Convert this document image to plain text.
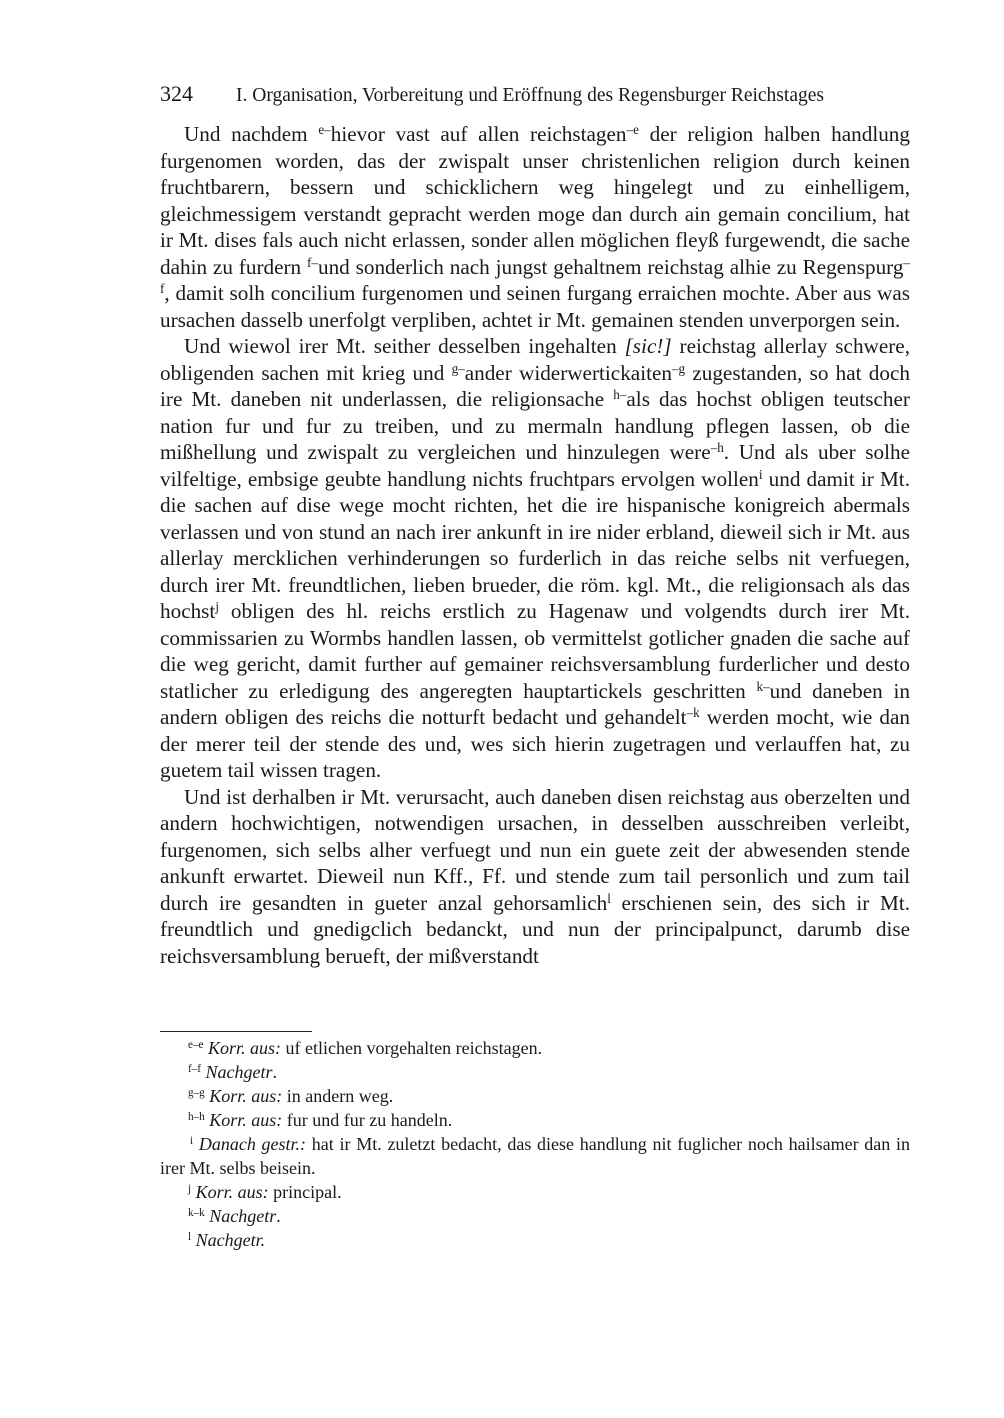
324 I. Organisation, Vorbereitung und Eröffnung des Regensburger Reichstages

Und nachdem $^{e-}$hievor vast auf allen reichstagen$^{-e}$ der religion halben handlung furgenomen worden, das der zwispalt unser christenlichen religion durch keinen fruchtbarern, bessern und schicklichern weg hingelegt und zu einhelligem, gleichmessigem verstandt gepracht werden moge dan durch ain gemain concilium, hat ir Mt. dises fals auch nicht erlassen, sonder allen möglichen fleyß furgewendt, die sache dahin zu furdern $^{f-}$und sonderlich nach jungst gehaltnem reichstag alhie zu Regenspurg$^{-f}$, damit solh concilium furgenomen und seinen furgang erraichen mochte. Aber aus was ursachen dasselb unerfolgt verpliben, achtet ir Mt. gemainen stenden unverporgen sein.

Und wiewol irer Mt. seither desselben ingehalten [sic!] reichstag allerlay schwere, obligenden sachen mit krieg und $^{g-}$ander widerwertickaiten$^{-g}$ zugestanden, so hat doch ire Mt. daneben nit underlassen, die religionsache $^{h-}$als das hochst obligen teutscher nation fur und fur zu treiben, und zu mermaln handlung pflegen lassen, ob die mißhellung und zwispalt zu vergleichen und hinzulegen were$^{-h}$. Und als uber solhe vilfeltige, embsige geubte handlung nichts fruchtpars ervolgen wollen$^i$ und damit ir Mt. die sachen auf dise wege mocht richten, het die ire hispanische konigreich abermals verlassen und von stund an nach irer ankunft in ire nider erbland, dieweil sich ir Mt. aus allerlay mercklichen verhinderungen so furderlich in das reiche selbs nit verfuegen, durch irer Mt. freundtlichen, lieben brueder, die röm. kgl. Mt., die religionsach als das hochst$^j$ obligen des hl. reichs erstlich zu Hagenaw und volgendts durch irer Mt. commissarien zu Wormbs handlen lassen, ob vermittelst gotlicher gnaden die sache auf die weg gericht, damit further auf gemainer reichsversamblung furderlicher und desto statlicher zu erledigung des angeregten hauptartickels geschritten $^{k-}$und daneben in andern obligen des reichs die notturft bedacht und gehandelt$^{-k}$ werden mocht, wie dan der merer teil der stende des und, wes sich hierin zugetragen und verlauffen hat, zu guetem tail wissen tragen.

Und ist derhalben ir Mt. verursacht, auch daneben disen reichstag aus oberzelten und andern hochwichtigen, notwendigen ursachen, in desselben ausschreiben verleibt, furgenomen, sich selbs alher verfuegt und nun ein guete zeit der abwesenden stende ankunft erwartet. Dieweil nun Kff., Ff. und stende zum tail personlich und zum tail durch ire gesandten in gueter anzal gehorsamlich$^l$ erschienen sein, des sich ir Mt. freundtlich und gnedigclich bedanckt, und nun der principalpunct, darumb dise reichsversamblung berueft, der mißverstandt

$^{e-e}$ Korr. aus: uf etlichen vorgehalten reichstagen.

$^{f-f}$ Nachgetr.

$^{g-g}$ Korr. aus: in andern weg.

$^{h-h}$ Korr. aus: fur und fur zu handeln.

$^i$ Danach gestr.: hat ir Mt. zuletzt bedacht, das diese handlung nit fuglicher noch hailsamer dan in irer Mt. selbs beisein.

$^j$ Korr. aus: principal.

$^{k-k}$ Nachgetr.

$^l$ Nachgetr.
